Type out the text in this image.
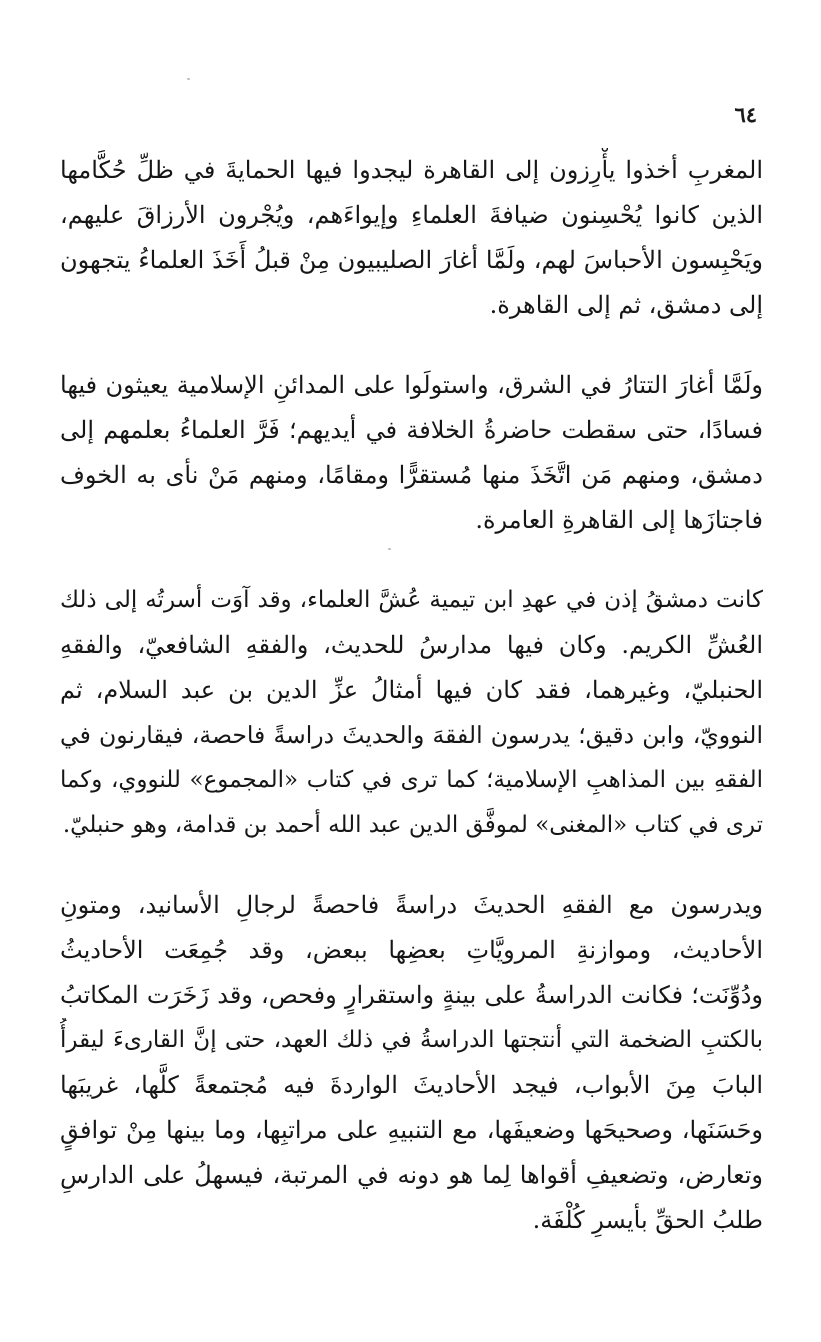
٦٤
المغربِ أخذوا يأْرِزون إلى القاهرة ليجدوا فيها الحمايةَ في ظلِّ حُكَّامها
الذين كانوا يُحْسِنون ضيافةَ العلماءِ وإيواءَهم، ويُجْرون الأرزاقَ عليهم،
ويَحْبِسون الأحباسَ لهم، ولَمَّا أغارَ الصليبيون مِنْ قبلُ أَخَذَ العلماءُ يتجهون
إلى دمشق، ثم إلى القاهرة.
ولَمَّا أغارَ التتارُ في الشرق، واستولَوا على المدائنِ الإسلامية يعيثون فيها
فسادًا، حتى سقطت حاضرةُ الخلافة في أيديهم؛ فَرَّ العلماءُ بعلمهم إلى
دمشق، ومنهم مَن اتَّخَذَ منها مُستقرًّا ومقامًا، ومنهم مَنْ نأى به الخوف
فاجتازَها إلى القاهرةِ العامرة.
كانت دمشقُ إذن في عهدِ ابن تيمية عُشَّ العلماء، وقد آوَت أسرتُه إلى ذلك
العُشِّ الكريم. وكان فيها مدارسُ للحديث، والفقهِ الشافعيّ، والفقهِ
الحنبليّ، وغيرهما، فقد كان فيها أمثالُ عزِّ الدين بن عبد السلام، ثم
النوويّ، وابن دقيق؛ يدرسون الفقهَ والحديثَ دراسةً فاحصة، فيقارنون في
الفقهِ بين المذاهبِ الإسلامية؛ كما ترى في كتاب «المجموع» للنووي، وكما
ترى في كتاب «المغنى» لموفَّق الدين عبد الله أحمد بن قدامة، وهو حنبليّ.
ويدرسون مع الفقهِ الحديثَ دراسةً فاحصةً لرجالِ الأسانيد، ومتونِ
الأحاديث، وموازنةِ المرويَّاتِ بعضِها ببعض، وقد جُمِعَت الأحاديثُ
ودُوِّنَت؛ فكانت الدراسةُ على بينةٍ واستقرارٍ وفحص، وقد زَخَرَت المكاتبُ
بالكتبِ الضخمة التي أنتجتها الدراسةُ في ذلك العهد، حتى إنَّ القارىءَ ليقرأُ
البابَ مِنَ الأبواب، فيجد الأحاديثَ الواردةَ فيه مُجتمعةً كلَّها، غريبَها
وحَسَنَها، وصحيحَها وضعيفَها، مع التنبيهِ على مراتبِها، وما بينها مِنْ توافقٍ
وتعارض، وتضعيفِ أقواها لِما هو دونه في المرتبة، فيسهلُ على الدارسِ
طلبُ الحقِّ بأيسرِ كُلْفَة.
